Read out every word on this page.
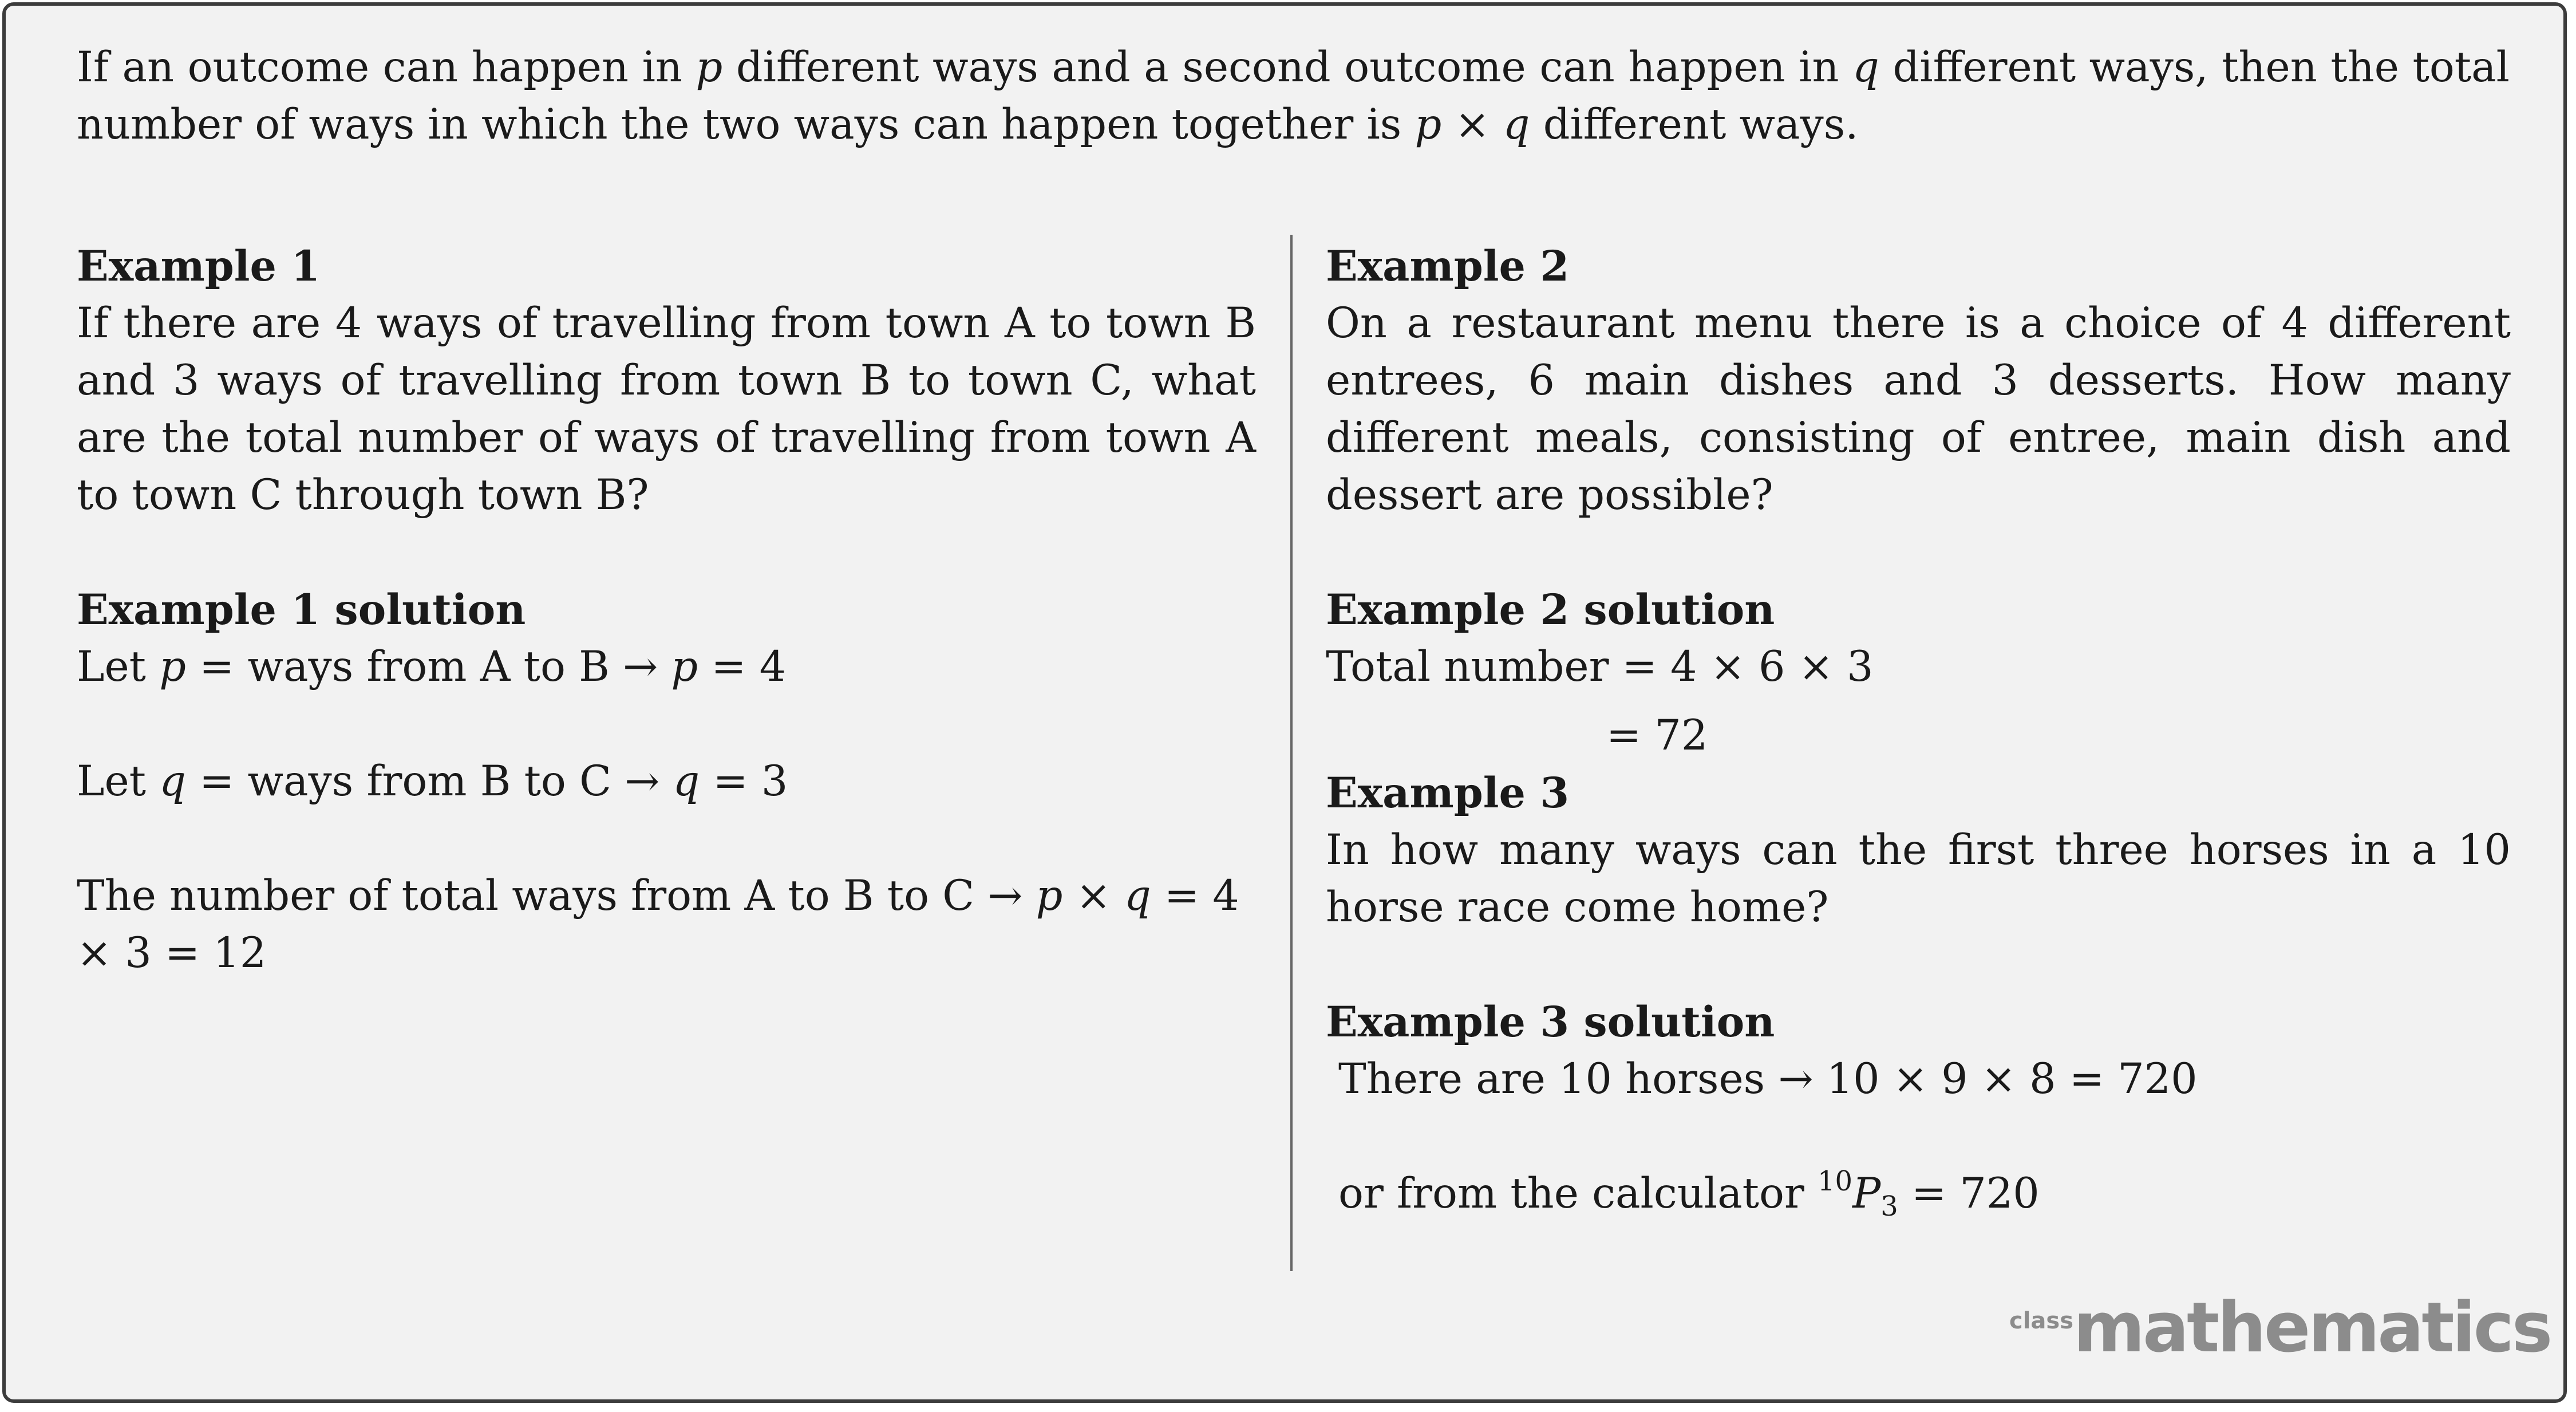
If an outcome can happen in p different ways and a second outcome can happen in q different ways, then the total number of ways in which the two ways can happen together is p × q different ways.
Example 1
If there are 4 ways of travelling from town A to town B and 3 ways of travelling from town B to town C, what are the total number of ways of travelling from town A to town C through town B?
Example 1 solution
Let p = ways from A to B → p = 4
Let q = ways from B to C → q = 3
The number of total ways from A to B to C → p × q = 4 × 3 = 12
Example 2
On a restaurant menu there is a choice of 4 different entrees, 6 main dishes and 3 desserts. How many different meals, consisting of entree, main dish and dessert are possible?
Example 2 solution
Total number = 4 × 6 × 3
= 72
Example 3
In how many ways can the first three horses in a 10 horse race come home?
Example 3 solution
There are 10 horses → 10 × 9 × 8 = 720
or from the calculator $^{10}P_3 = 720$
classmathematics
